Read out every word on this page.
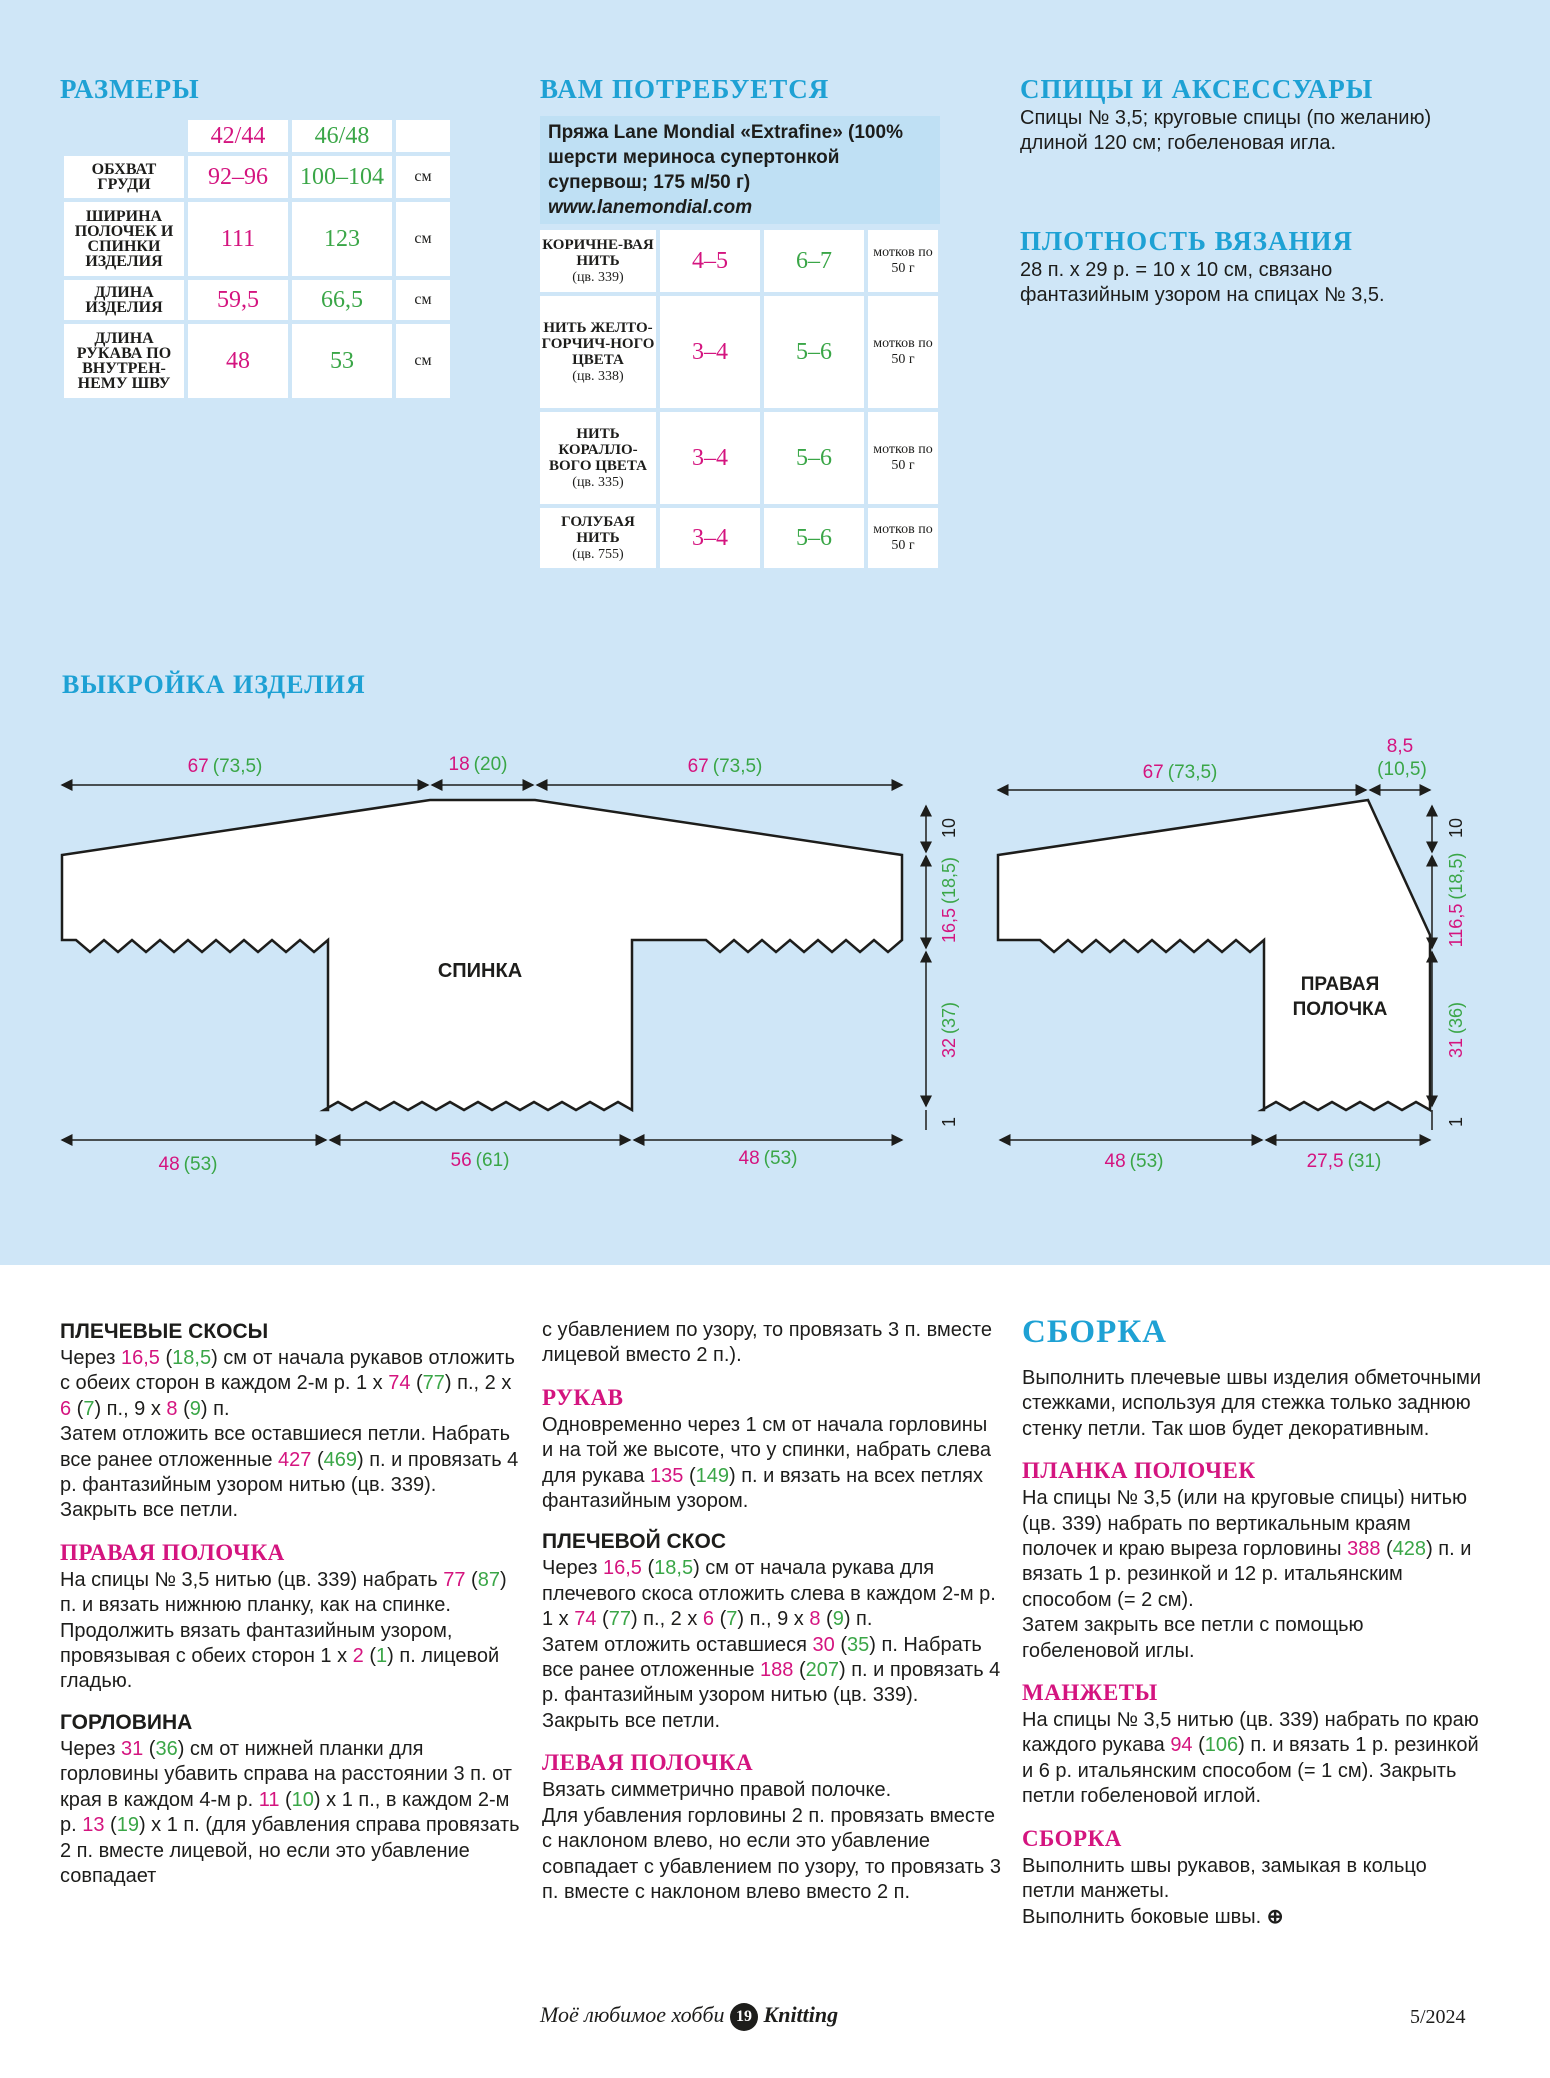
РАЗМЕРЫ
	42/44	46/48	
ОБХВАТ ГРУДИ	92–96	100–104	см
ШИРИНА ПОЛОЧЕК И СПИНКИ ИЗДЕЛИЯ	111	123	см
ДЛИНА ИЗДЕЛИЯ	59,5	66,5	см
ДЛИНА РУКАВА ПО ВНУТРЕН-НЕМУ ШВУ	48	53	см
ВАМ ПОТРЕБУЕТСЯ
Пряжа Lane Mondial «Extrafine» (100% шерсти мериноса супертонкой супервош; 175 м/50 г)
www.lanemondial.com
КОРИЧНЕ-ВАЯ НИТЬ
(цв. 339)	4–5	6–7	мотков по 50 г
НИТЬ ЖЕЛТО-ГОРЧИЧ-НОГО ЦВЕТА
(цв. 338)	3–4	5–6	мотков по 50 г
НИТЬ КОРАЛЛО-ВОГО ЦВЕТА
(цв. 335)	3–4	5–6	мотков по 50 г
ГОЛУБАЯ НИТЬ
(цв. 755)	3–4	5–6	мотков по 50 г
СПИЦЫ И АКСЕССУАРЫ

Спицы № 3,5; круговые спицы (по желанию) длиной 120 см; гобеленовая игла.

ПЛОТНОСТЬ ВЯЗАНИЯ

28 п. х 29 р. = 10 х 10 см, связано фантазийным узором на спицах № 3,5.

ВЫКРОЙКА ИЗДЕЛИЯ
СПИНКА
ПРАВАЯ
ПОЛОЧКА
67 (73,5)	18 (20)	67 (73,5)
48 (53)	56 (61)	48 (53)
10
16,5(18,5)
32(37)
1
67 (73,5)
8,5
(10,5)
48 (53)	27,5 (31)
10
116,5(18,5)
31(36)
1
ПЛЕЧЕВЫЕ СКОСЫ

Через 16,5 (18,5) см от начала рукавов отложить с обеих сторон в каждом 2-м р. 1 х 74 (77) п., 2 х 6 (7) п., 9 х 8 (9) п.
Затем отложить все оставшиеся петли. Набрать все ранее отложенные 427 (469) п. и провязать 4 р. фантазийным узором нитью (цв. 339).
Закрыть все петли.

ПРАВАЯ ПОЛОЧКА

На спицы № 3,5 нитью (цв. 339) набрать 77 (87) п. и вязать нижнюю планку, как на спинке.
Продолжить вязать фантазийным узором, провязывая с обеих сторон 1 х 2 (1) п. лицевой гладью.

ГОРЛОВИНА

Через 31 (36) см от нижней планки для горловины убавить справа на расстоянии 3 п. от края в каждом 4-м р. 11 (10) х 1 п., в каждом 2-м р. 13 (19) х 1 п. (для убавления справа провязать 2 п. вместе лицевой, но если это убавление совпадает

с убавлением по узору, то провязать 3 п. вместе лицевой вместо 2 п.).

РУКАВ

Одновременно через 1 см от начала горловины и на той же высоте, что у спинки, набрать слева для рукава 135 (149) п. и вязать на всех петлях фантазийным узором.

ПЛЕЧЕВОЙ СКОС

Через 16,5 (18,5) см от начала рукава для плечевого скоса отложить слева в каждом 2-м р. 1 х 74 (77) п., 2 х 6 (7) п., 9 х 8 (9) п.
Затем отложить оставшиеся 30 (35) п. Набрать все ранее отложенные 188 (207) п. и провязать 4 р. фантазийным узором нитью (цв. 339).
Закрыть все петли.

ЛЕВАЯ ПОЛОЧКА

Вязать симметрично правой полочке.
Для убавления горловины 2 п. провязать вместе с наклоном влево, но если это убавление совпадает с убавлением по узору, то провязать 3 п. вместе с наклоном влево вместо 2 п.

СБОРКА

Выполнить плечевые швы изделия обметочными стежками, используя для стежка только заднюю стенку петли. Так шов будет декоративным.

ПЛАНКА ПОЛОЧЕК

На спицы № 3,5 (или на круговые спицы) нитью (цв. 339) набрать по вертикальным краям полочек и краю выреза горловины 388 (428) п. и вязать 1 р. резинкой и 12 р. итальянским способом (= 2 см).
Затем закрыть все петли с помощью гобеленовой иглы.

МАНЖЕТЫ

На спицы № 3,5 нитью (цв. 339) набрать по краю каждого рукава 94 (106) п. и вязать 1 р. резинкой и 6 р. итальянским способом (= 1 см). Закрыть петли гобеленовой иглой.

СБОРКА

Выполнить швы рукавов, замыкая в кольцо петли манжеты.
Выполнить боковые швы. ⊕

Моё любимое хобби 19 Knitting	5/2024
